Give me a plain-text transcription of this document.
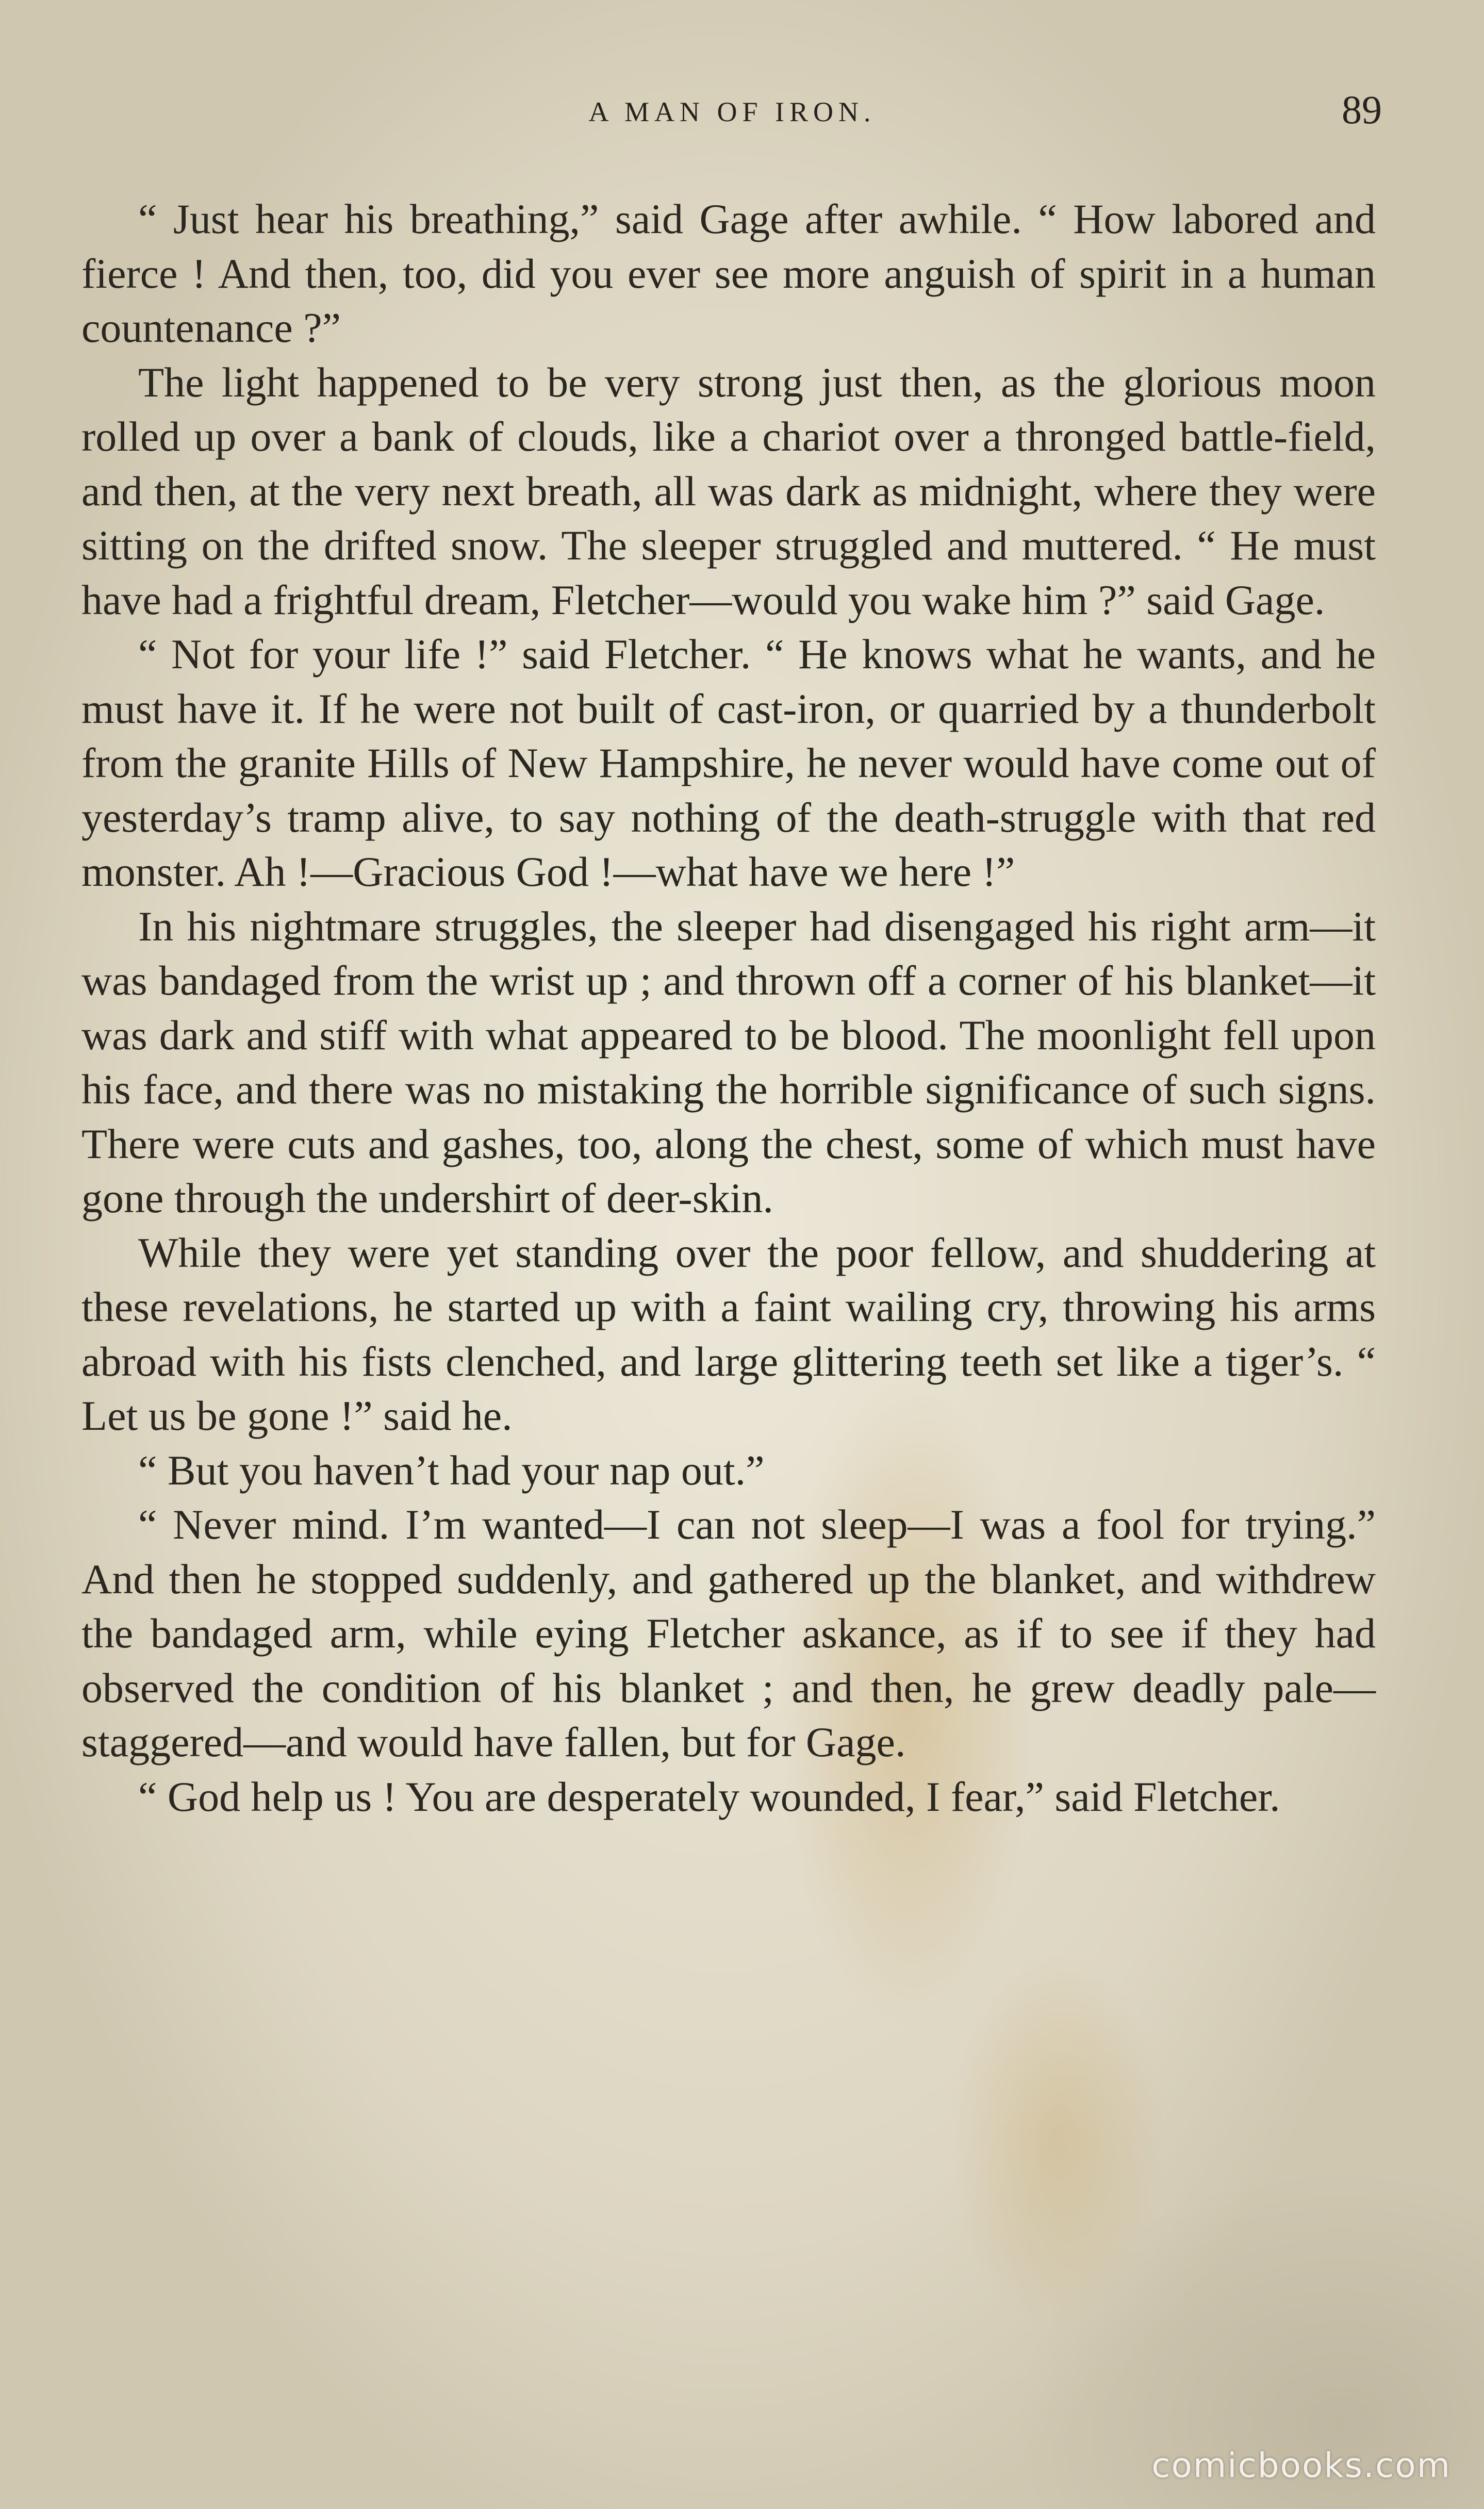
A MAN OF IRON.	89

“ Just hear his breathing,” said Gage after awhile. “ How labored and fierce ! And then, too, did you ever see more anguish of spirit in a human countenance ?”

The light happened to be very strong just then, as the glorious moon rolled up over a bank of clouds, like a chariot over a thronged battle-field, and then, at the very next breath, all was dark as midnight, where they were sitting on the drifted snow. The sleeper struggled and muttered. “ He must have had a frightful dream, Fletcher—would you wake him ?” said Gage.

“ Not for your life !” said Fletcher. “ He knows what he wants, and he must have it. If he were not built of cast-iron, or quarried by a thunderbolt from the granite Hills of New Hampshire, he never would have come out of yesterday’s tramp alive, to say nothing of the death-struggle with that red monster. Ah !—Gracious God !—what have we here !”

In his nightmare struggles, the sleeper had disengaged his right arm—it was bandaged from the wrist up ; and thrown off a corner of his blanket—it was dark and stiff with what appeared to be blood. The moonlight fell upon his face, and there was no mistaking the horrible significance of such signs. There were cuts and gashes, too, along the chest, some of which must have gone through the undershirt of deer-skin.

While they were yet standing over the poor fellow, and shuddering at these revelations, he started up with a faint wailing cry, throwing his arms abroad with his fists clenched, and large glittering teeth set like a tiger’s. “ Let us be gone !” said he.

“ But you haven’t had your nap out.”

“ Never mind. I’m wanted—I can not sleep—I was a fool for trying.” And then he stopped suddenly, and gathered up the blanket, and withdrew the bandaged arm, while eying Fletcher askance, as if to see if they had observed the condition of his blanket ; and then, he grew deadly pale—staggered—and would have fallen, but for Gage.

“ God help us ! You are desperately wounded, I fear,” said Fletcher.

comicbooks.com
